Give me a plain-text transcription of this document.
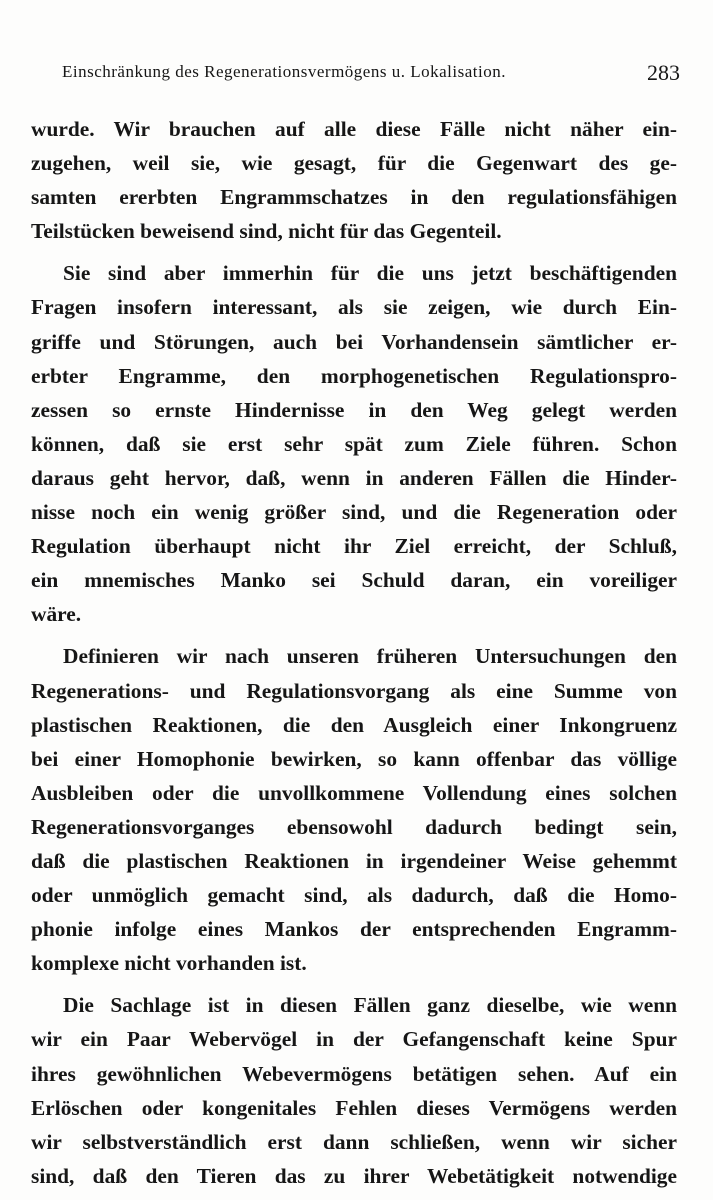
Einschränkung des Regenerationsvermögens u. Lokalisation.	283
wurde. Wir brauchen auf alle diese Fälle nicht näher ein-
zugehen, weil sie, wie gesagt, für die Gegenwart des ge-
samten ererbten Engrammschatzes in den regulationsfähigen
Teilstücken beweisend sind, nicht für das Gegenteil.
Sie sind aber immerhin für die uns jetzt beschäftigenden
Fragen insofern interessant, als sie zeigen, wie durch Ein-
griffe und Störungen, auch bei Vorhandensein sämtlicher er-
erbter Engramme, den morphogenetischen Regulationspro-
zessen so ernste Hindernisse in den Weg gelegt werden
können, daß sie erst sehr spät zum Ziele führen. Schon
daraus geht hervor, daß, wenn in anderen Fällen die Hinder-
nisse noch ein wenig größer sind, und die Regeneration oder
Regulation überhaupt nicht ihr Ziel erreicht, der Schluß,
ein mnemisches Manko sei Schuld daran, ein voreiliger
wäre.
Definieren wir nach unseren früheren Untersuchungen den
Regenerations- und Regulationsvorgang als eine Summe von
plastischen Reaktionen, die den Ausgleich einer Inkongruenz
bei einer Homophonie bewirken, so kann offenbar das völlige
Ausbleiben oder die unvollkommene Vollendung eines solchen
Regenerationsvorganges ebensowohl dadurch bedingt sein,
daß die plastischen Reaktionen in irgendeiner Weise gehemmt
oder unmöglich gemacht sind, als dadurch, daß die Homo-
phonie infolge eines Mankos der entsprechenden Engramm-
komplexe nicht vorhanden ist.
Die Sachlage ist in diesen Fällen ganz dieselbe, wie wenn
wir ein Paar Webervögel in der Gefangenschaft keine Spur
ihres gewöhnlichen Webevermögens betätigen sehen. Auf ein
Erlöschen oder kongenitales Fehlen dieses Vermögens werden
wir selbstverständlich erst dann schließen, wenn wir sicher
sind, daß den Tieren das zu ihrer Webetätigkeit notwendige
